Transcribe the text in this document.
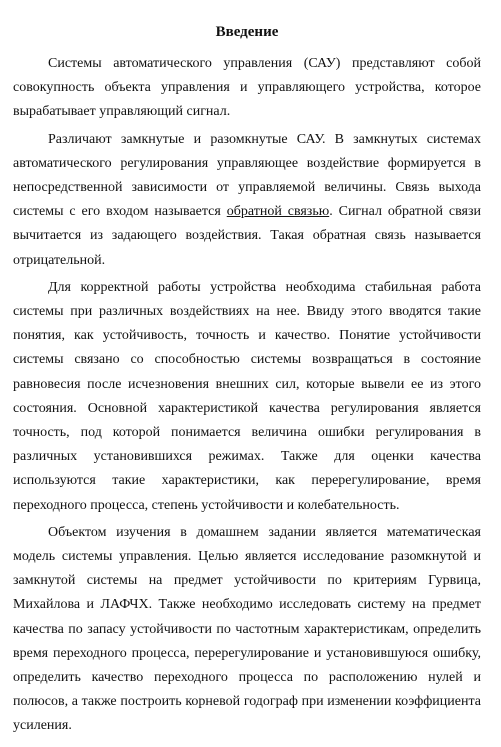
Введение

Системы автоматического управления (САУ) представляют собой совокупность объекта управления и управляющего устройства, которое вырабатывает управляющий сигнал.

Различают замкнутые и разомкнутые САУ. В замкнутых системах автоматического регулирования управляющее воздействие формируется в непосредственной зависимости от управляемой величины. Связь выхода системы с его входом называется обратной связью. Сигнал обратной связи вычитается из задающего воздействия. Такая обратная связь называется отрицательной.

Для корректной работы устройства необходима стабильная работа системы при различных воздействиях на нее. Ввиду этого вводятся такие понятия, как устойчивость, точность и качество. Понятие устойчивости системы связано со способностью системы возвращаться в состояние равновесия после исчезновения внешних сил, которые вывели ее из этого состояния. Основной характеристикой качества регулирования является точность, под которой понимается величина ошибки регулирования в различных установившихся режимах. Также для оценки качества используются такие характеристики, как перерегулирование, время переходного процесса, степень устойчивости и колебательность.

Объектом изучения в домашнем задании является математическая модель системы управления. Целью является исследование разомкнутой и замкнутой системы на предмет устойчивости по критериям Гурвица, Михайлова и ЛАФЧХ. Также необходимо исследовать систему на предмет качества по запасу устойчивости по частотным характеристикам, определить время переходного процесса, перерегулирование и установившуюся ошибку, определить качество переходного процесса по расположению нулей и полюсов, а также построить корневой годограф при изменении коэффициента усиления.
